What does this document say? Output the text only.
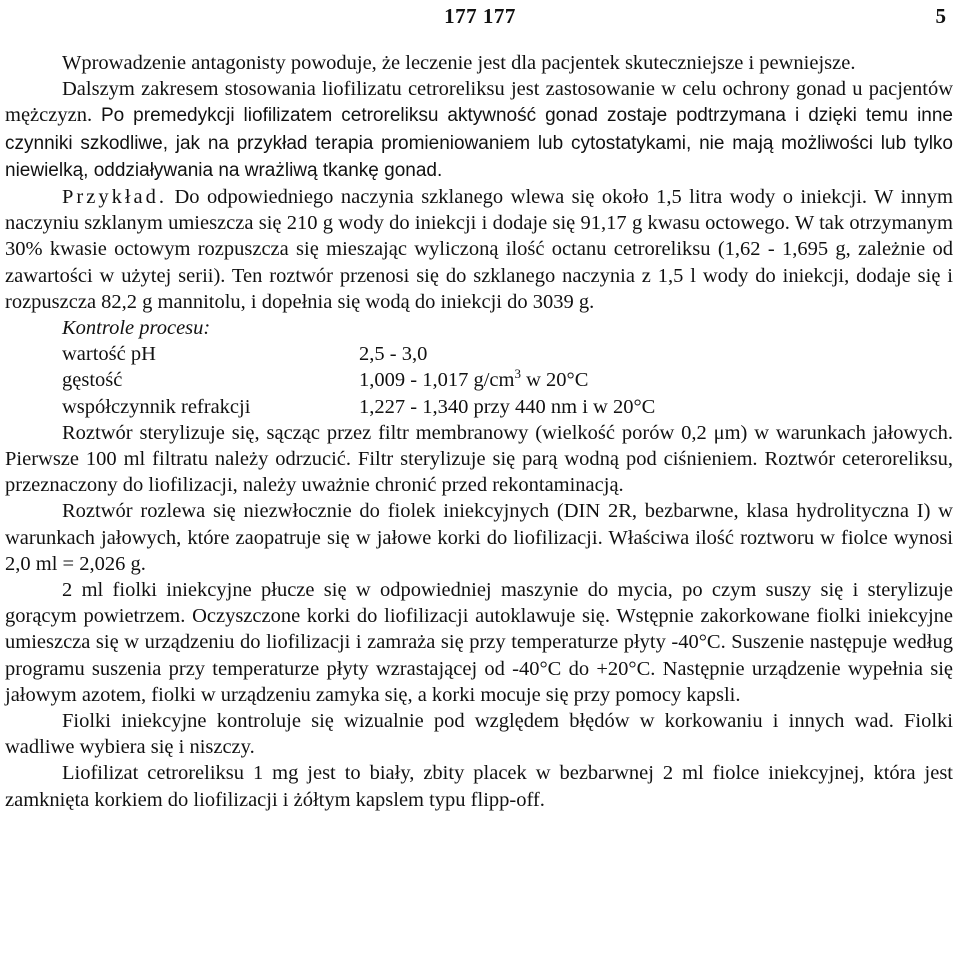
177 177	5

Wprowadzenie antagonisty powoduje, że leczenie jest dla pacjentek skuteczniejsze i pewniejsze.

Dalszym zakresem stosowania liofilizatu cetroreliksu jest zastosowanie w celu ochrony gonad u pacjentów mężczyzn. Po premedykcji liofilizatem cetroreliksu aktywność gonad zostaje podtrzymana i dzięki temu inne czynniki szkodliwe, jak na przykład terapia promieniowaniem lub cytostatykami, nie mają możliwości lub tylko niewielką, oddziaływania na wrażliwą tkankę gonad.

Przykład. Do odpowiedniego naczynia szklanego wlewa się około 1,5 litra wody o iniekcji. W innym naczyniu szklanym umieszcza się 210 g wody do iniekcji i dodaje się 91,17 g kwasu octowego. W tak otrzymanym 30% kwasie octowym rozpuszcza się mieszając wyliczoną ilość octanu cetroreliksu (1,62 - 1,695 g, zależnie od zawartości w użytej serii). Ten roztwór przenosi się do szklanego naczynia z 1,5 l wody do iniekcji, dodaje się i rozpuszcza 82,2 g mannitolu, i dopełnia się wodą do iniekcji do 3039 g.

Kontrole procesu:

wartość pH	2,5 - 3,0
gęstość	1,009 - 1,017 $g/cm^3$ w 20°C
współczynnik refrakcji	1,227 - 1,340 przy 440 nm i w 20°C

Roztwór sterylizuje się, sącząc przez filtr membranowy (wielkość porów 0,2 μm) w warunkach jałowych. Pierwsze 100 ml filtratu należy odrzucić. Filtr sterylizuje się parą wodną pod ciśnieniem. Roztwór ceteroreliksu, przeznaczony do liofilizacji, należy uważnie chronić przed rekontaminacją.

Roztwór rozlewa się niezwłocznie do fiolek iniekcyjnych (DIN 2R, bezbarwne, klasa hydrolityczna I) w warunkach jałowych, które zaopatruje się w jałowe korki do liofilizacji. Właściwa ilość roztworu w fiolce wynosi 2,0 ml = 2,026 g.

2 ml fiolki iniekcyjne płucze się w odpowiedniej maszynie do mycia, po czym suszy się i sterylizuje gorącym powietrzem. Oczyszczone korki do liofilizacji autoklawuje się. Wstępnie zakorkowane fiolki iniekcyjne umieszcza się w urządzeniu do liofilizacji i zamraża się przy temperaturze płyty -40°C. Suszenie następuje według programu suszenia przy temperaturze płyty wzrastającej od -40°C do +20°C. Następnie urządzenie wypełnia się jałowym azotem, fiolki w urządzeniu zamyka się, a korki mocuje się przy pomocy kapsli.

Fiolki iniekcyjne kontroluje się wizualnie pod względem błędów w korkowaniu i innych wad. Fiolki wadliwe wybiera się i niszczy.

Liofilizat cetroreliksu 1 mg jest to biały, zbity placek w bezbarwnej 2 ml fiolce iniekcyjnej, która jest zamknięta korkiem do liofilizacji i żółtym kapslem typu flipp-off.
